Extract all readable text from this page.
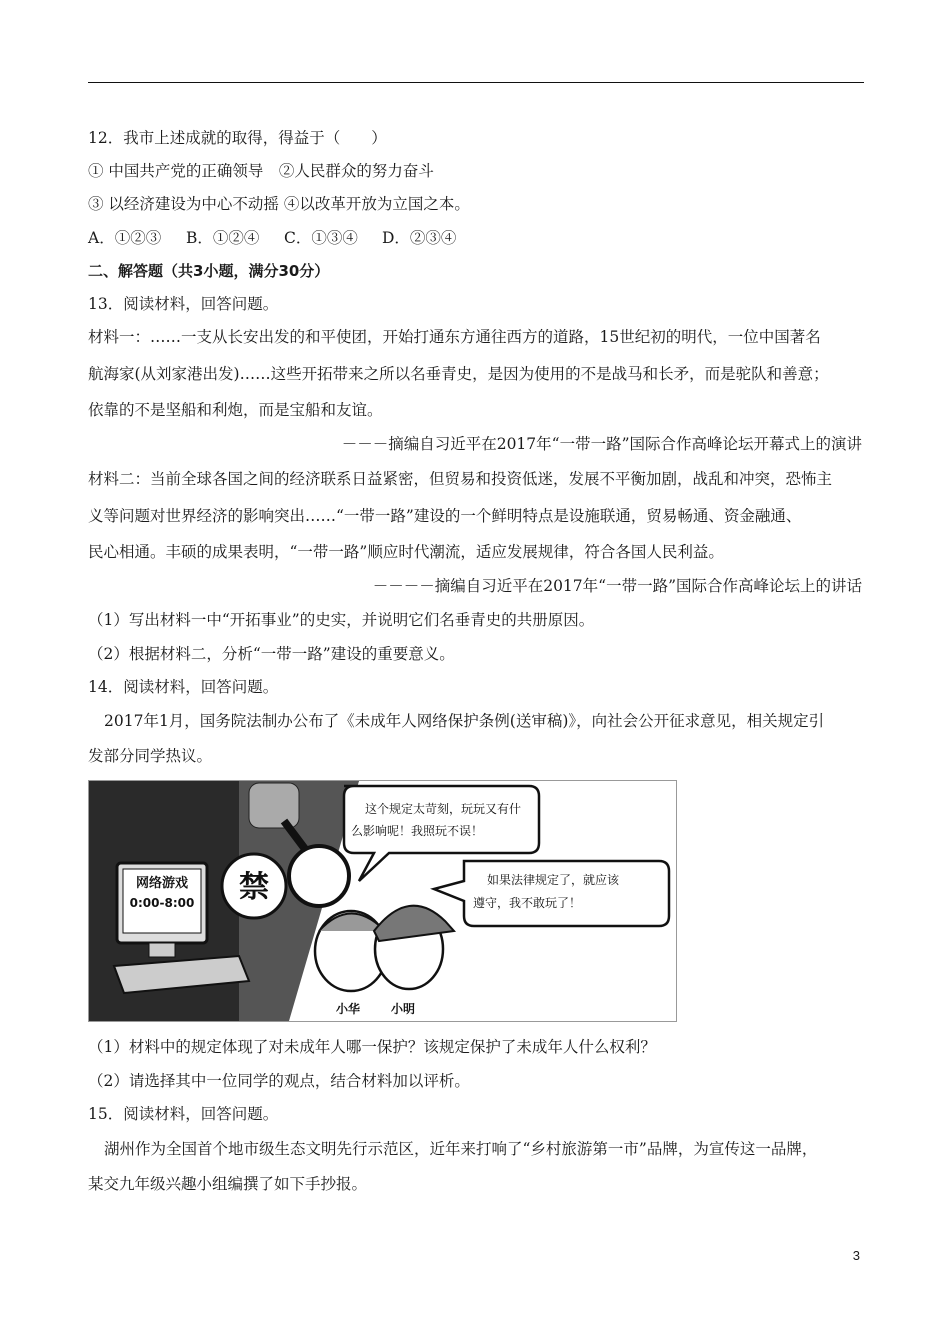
12．我市上述成就的取得，得益于（　　）
① 中国共产党的正确领导　②人民群众的努力奋斗
③ 以经济建设为中心不动摇 ④以改革开放为立国之本。
A．①②③ B．①②④ C．①③④ D．②③④
二、解答题（共3小题，满分30分）
13．阅读材料，回答问题。
材料一：……一支从长安出发的和平使团，开始打通东方通往西方的道路，15世纪初的明代，一位中国著名
航海家(从刘家港出发)……这些开拓带来之所以名垂青史，是因为使用的不是战马和长矛，而是驼队和善意；
依靠的不是坚船和利炮，而是宝船和友谊。
－－－摘编自习近平在2017年“一带一路”国际合作高峰论坛开幕式上的演讲
材料二：当前全球各国之间的经济联系日益紧密，但贸易和投资低迷，发展不平衡加剧，战乱和冲突，恐怖主
义等问题对世界经济的影响突出……“一带一路”建设的一个鲜明特点是设施联通，贸易畅通、资金融通、
民心相通。丰硕的成果表明，“一带一路”顺应时代潮流，适应发展规律，符合各国人民利益。
－－－－摘编自习近平在2017年“一带一路”国际合作高峰论坛上的讲话
（1）写出材料一中“开拓事业”的史实，并说明它们名垂青史的共册原因。
（2）根据材料二，分析“一带一路”建设的重要意义。
14．阅读材料，回答问题。
2017年1月，国务院法制办公布了《未成年人网络保护条例(送审稿)》，向社会公开征求意见，相关规定引
发部分同学热议。
禁
网络游戏
0:00-8:00
这个规定太苛刻，玩玩又有什
么影响呢！我照玩不误！
如果法律规定了，就应该
遵守，我不敢玩了！
小华	小明
（1）材料中的规定体现了对未成年人哪一保护？该规定保护了未成年人什么权利？
（2）请选择其中一位同学的观点，结合材料加以评析。
15．阅读材料，回答问题。
湖州作为全国首个地市级生态文明先行示范区，近年来打响了“乡村旅游第一市”品牌，为宣传这一品牌，
某交九年级兴趣小组编撰了如下手抄报。
3
